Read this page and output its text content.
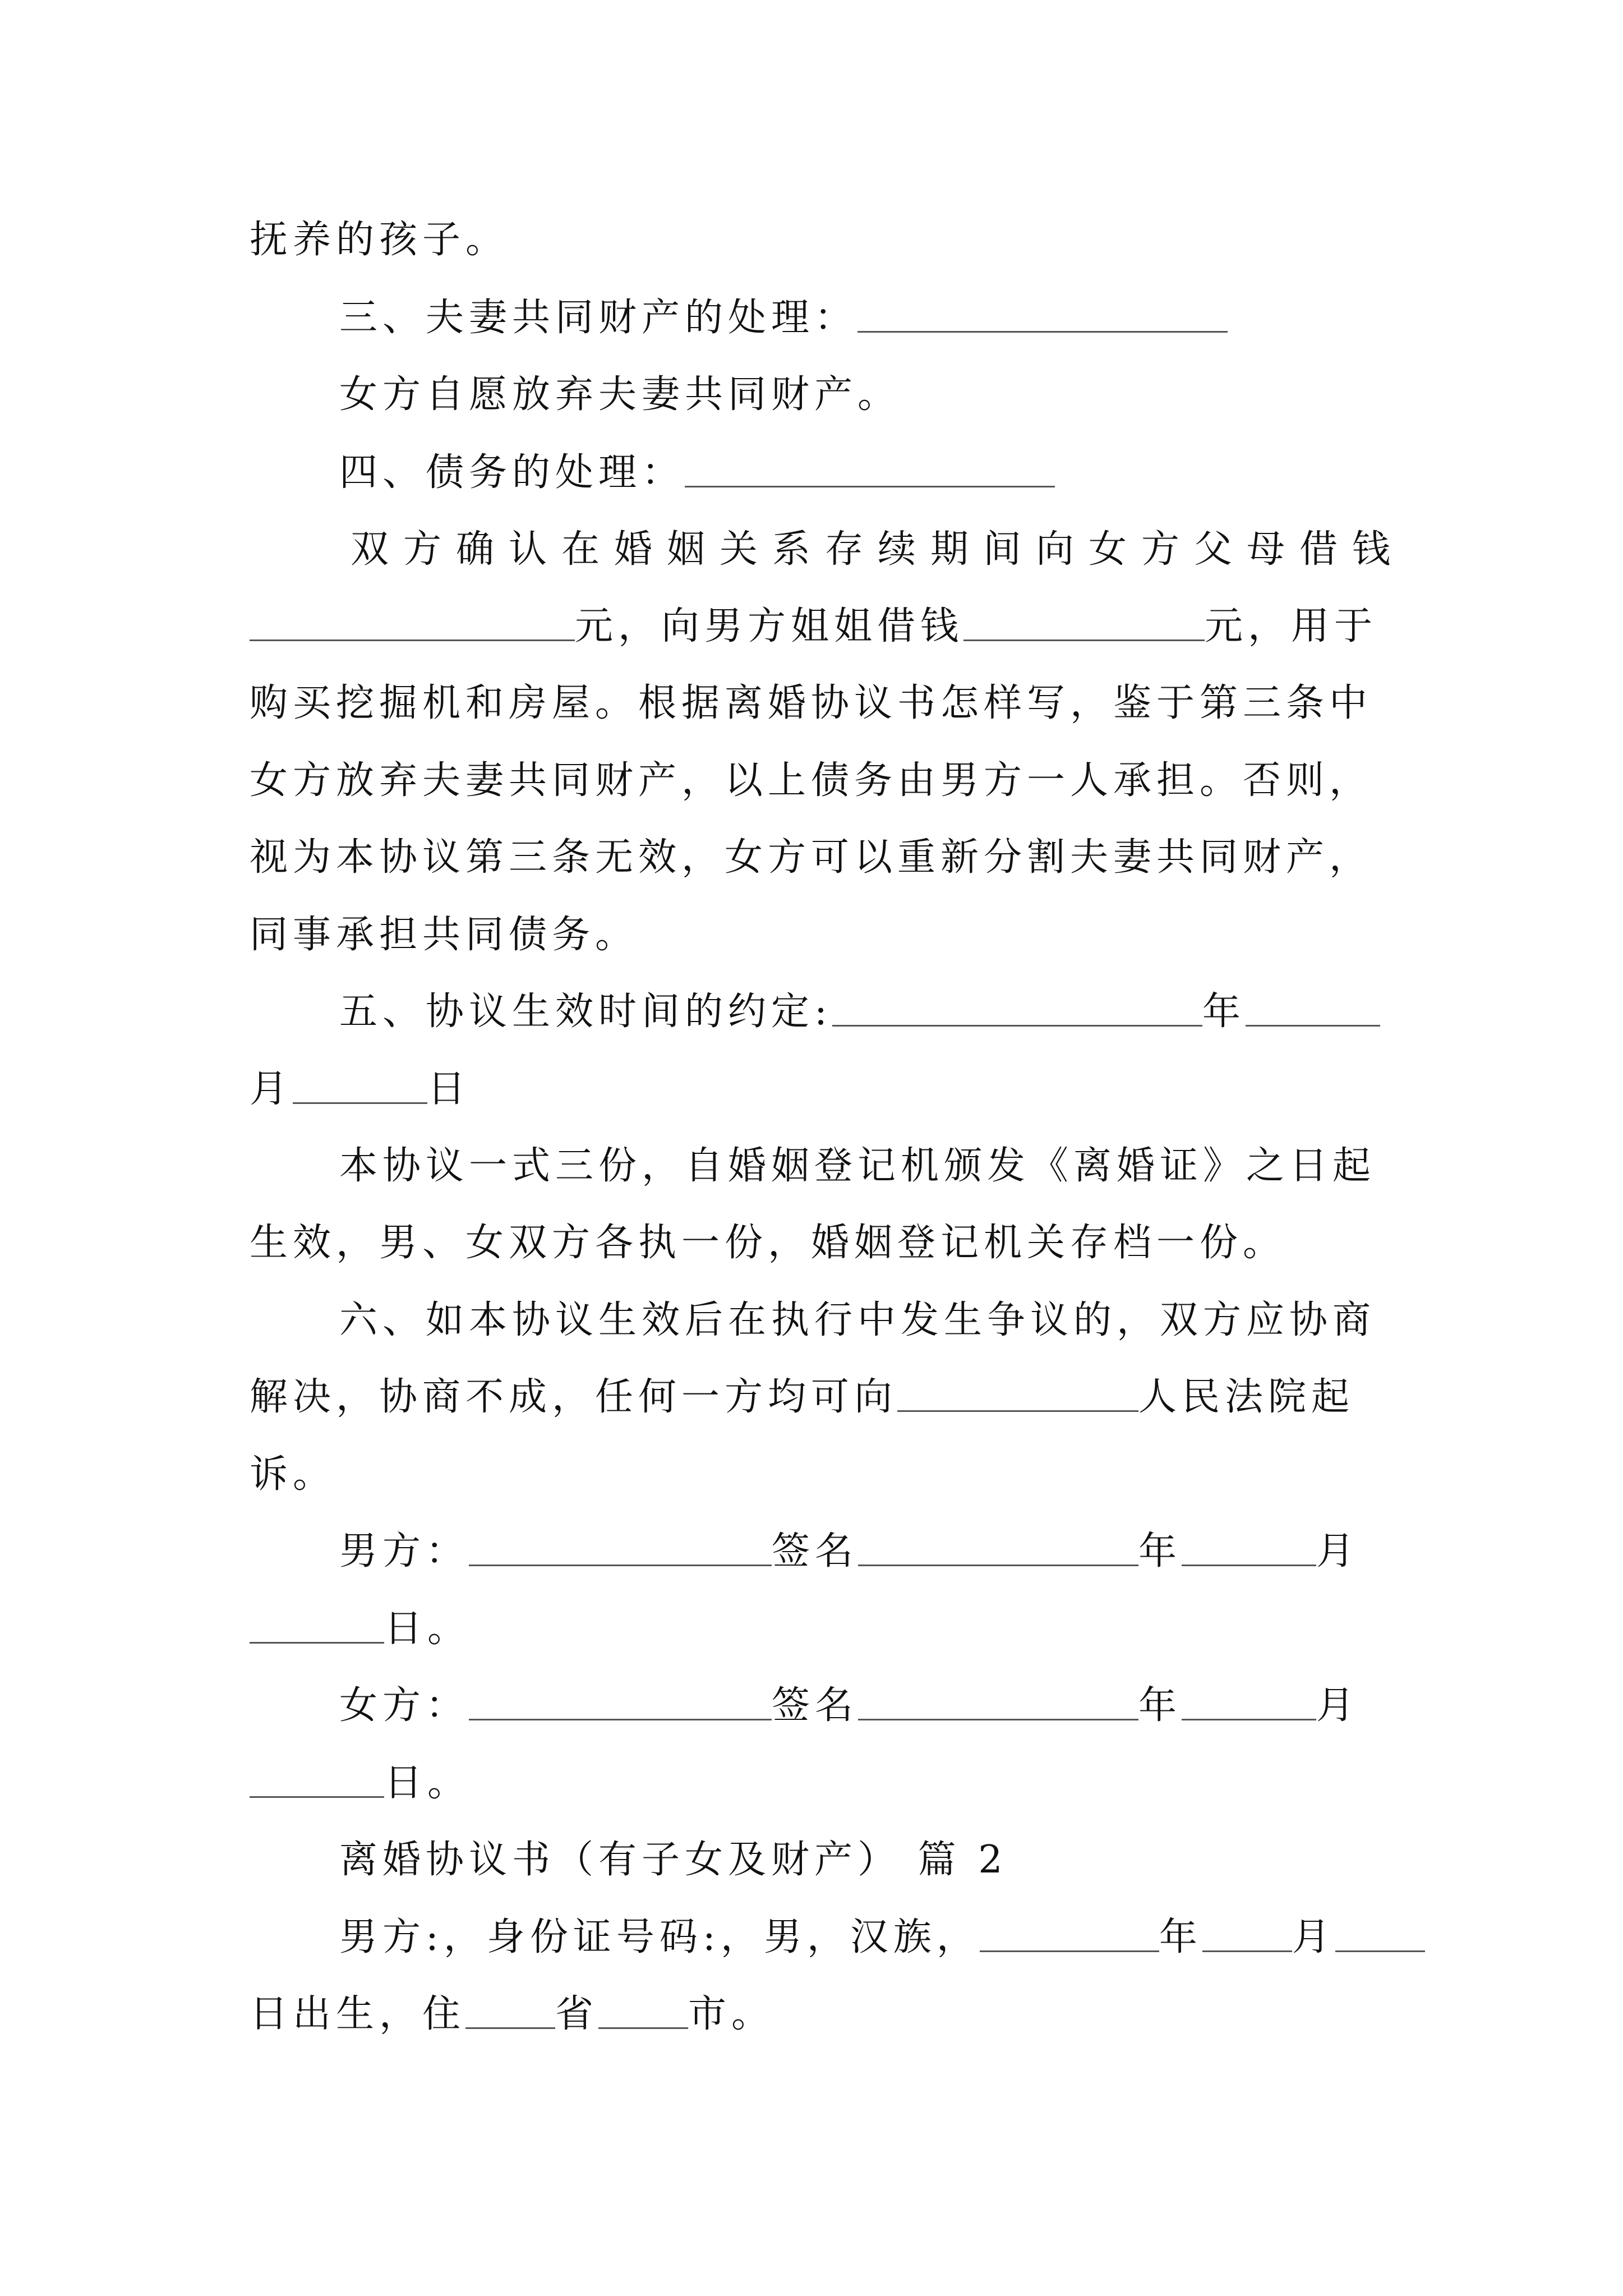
抚养的孩子。
三、夫妻共同财产的处理：
女方自愿放弃夫妻共同财产。
四、债务的处理：
双方确认在婚姻关系存续期间向女方父母借钱
元，向男方姐姐借钱	元，用于
购买挖掘机和房屋。根据离婚协议书怎样写，鉴于第三条中
女方放弃夫妻共同财产，以上债务由男方一人承担。否则，
视为本协议第三条无效，女方可以重新分割夫妻共同财产，
同事承担共同债务。
五、协议生效时间的约定:	年
月	日
本协议一式三份，自婚姻登记机颁发《离婚证》之日起
生效，男、女双方各执一份，婚姻登记机关存档一份。
六、如本协议生效后在执行中发生争议的，双方应协商
解决，协商不成，任何一方均可向	人民法院起
诉。
男方：	签名	年	月
日。
女方：	签名	年	月
日。
离婚协议书（有子女及财产） 篇 2
男方:，身份证号码:，男，汉族，	年 月
日出生，住 省 市。
